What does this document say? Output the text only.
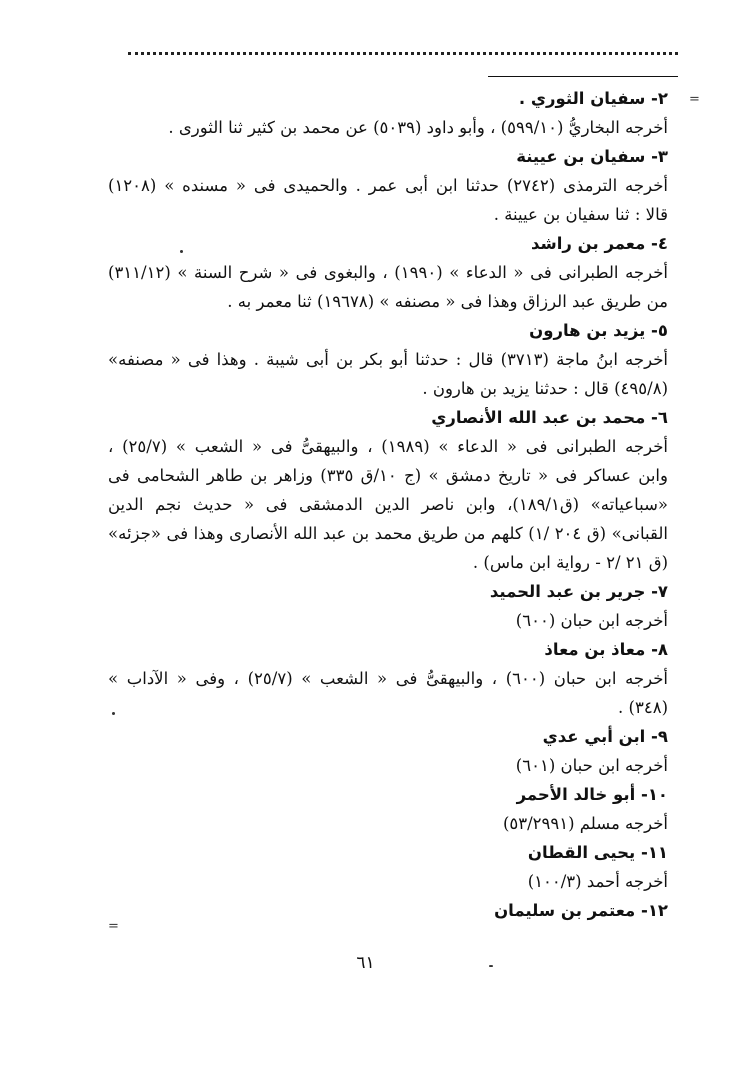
=
=
٢- سفيان الثوري .
أخرجه البخاريُّ (٥٩٩/١٠) ، وأبو داود (٥٠٣٩) عن محمد بن كثير ثنا الثورى .
٣- سفيان بن عيينة
أخرجه الترمذى (٢٧٤٢) حدثنا ابن أبى عمر . والحميدى فى « مسنده » (١٢٠٨)
قالا : ثنا سفيان بن عيينة .
٤- معمر بن راشد
أخرجه الطبرانى فى « الدعاء » (١٩٩٠) ، والبغوى فى « شرح السنة » (٣١١/١٢)
من طريق عبد الرزاق وهذا فى « مصنفه » (١٩٦٧٨) ثنا معمر به .
٥- يزيد بن هارون
أخرجه ابنُ ماجة (٣٧١٣) قال : حدثنا أبو بكر بن أبى شيبة . وهذا فى « مصنفه»
(٤٩٥/٨) قال : حدثنا يزيد بن هارون .
٦- محمد بن عبد الله الأنصاري
أخرجه الطبرانى فى « الدعاء » (١٩٨٩) ، والبيهقىُّ فى « الشعب » (٢٥/٧) ،
وابن عساكر فى « تاريخ دمشق » (ج ١٠/ق ٣٣٥) وزاهر بن طاهر الشحامى فى
«سباعياته» (ق١٨٩/١)، وابن ناصر الدين الدمشقى فى « حديث نجم الدين
القبانى» (ق ٢٠٤ /١) كلهم من طريق محمد بن عبد الله الأنصارى وهذا فى «جزئه»
(ق ٢١ /٢ - رواية ابن ماس) .
٧- جرير بن عبد الحميد
أخرجه ابن حبان (٦٠٠)
٨- معاذ بن معاذ
أخرجه ابن حبان (٦٠٠) ، والبيهقىُّ فى « الشعب » (٢٥/٧) ، وفى « الآداب »
(٣٤٨) .
٩- ابن أبي عدي
أخرجه ابن حبان (٦٠١)
١٠- أبو خالد الأحمر
أخرجه مسلم (٥٣/٢٩٩١)
١١- يحيى القطان
أخرجه أحمد (١٠٠/٣)
١٢- معتمر بن سليمان
٦١
